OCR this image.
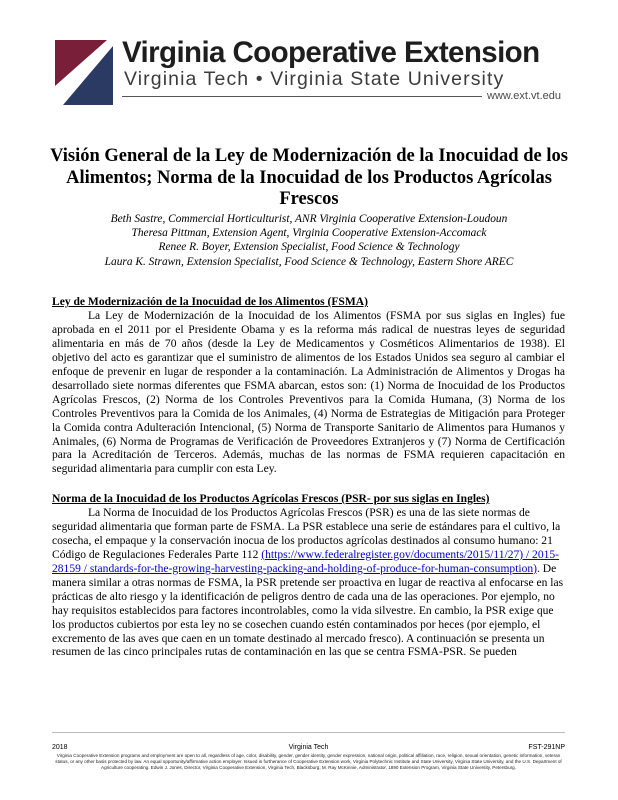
Virginia Cooperative Extension
Virginia Tech • Virginia State University
www.ext.vt.edu
Visión General de la Ley de Modernización de la Inocuidad de los Alimentos; Norma de la Inocuidad de los Productos Agrícolas Frescos
Beth Sastre, Commercial Horticulturist, ANR Virginia Cooperative Extension-Loudoun
Theresa Pittman, Extension Agent, Virginia Cooperative Extension-Accomack
Renee R. Boyer, Extension Specialist, Food Science & Technology
Laura K. Strawn, Extension Specialist, Food Science & Technology, Eastern Shore AREC
Ley de Modernización de la Inocuidad de los Alimentos (FSMA)
La Ley de Modernización de la Inocuidad de los Alimentos (FSMA por sus siglas en Ingles) fue aprobada en el 2011 por el Presidente Obama y es la reforma más radical de nuestras leyes de seguridad alimentaria en más de 70 años (desde la Ley de Medicamentos y Cosméticos Alimentarios de 1938). El objetivo del acto es garantizar que el suministro de alimentos de los Estados Unidos sea seguro al cambiar el enfoque de prevenir en lugar de responder a la contaminación. La Administración de Alimentos y Drogas ha desarrollado siete normas diferentes que FSMA abarcan, estos son: (1) Norma de Inocuidad de los Productos Agrícolas Frescos, (2) Norma de los Controles Preventivos para la Comida Humana, (3) Norma de los Controles Preventivos para la Comida de los Animales, (4) Norma de Estrategias de Mitigación para Proteger la Comida contra Adulteración Intencional, (5) Norma de Transporte Sanitario de Alimentos para Humanos y Animales, (6) Norma de Programas de Verificación de Proveedores Extranjeros y (7) Norma de Certificación para la Acreditación de Terceros. Además, muchas de las normas de FSMA requieren capacitación en seguridad alimentaria para cumplir con esta Ley.
Norma de la Inocuidad de los Productos Agrícolas Frescos (PSR- por sus siglas en Ingles)
La Norma de Inocuidad de los Productos Agrícolas Frescos (PSR) es una de las siete normas de seguridad alimentaria que forman parte de FSMA. La PSR establece una serie de estándares para el cultivo, la cosecha, el empaque y la conservación inocua de los productos agrícolas destinados al consumo humano: 21 Código de Regulaciones Federales Parte 112 (https://www.federalregister.gov/documents/2015/11/27) / 2015-28159 / standards-for-the-growing-harvesting-packing-and-holding-of-produce-for-human-consumption). De manera similar a otras normas de FSMA, la PSR pretende ser proactiva en lugar de reactiva al enfocarse en las prácticas de alto riesgo y la identificación de peligros dentro de cada una de las operaciones. Por ejemplo, no hay requisitos establecidos para factores incontrolables, como la vida silvestre. En cambio, la PSR exige que los productos cubiertos por esta ley no se cosechen cuando estén contaminados por heces (por ejemplo, el excremento de las aves que caen en un tomate destinado al mercado fresco). A continuación se presenta un resumen de las cinco principales rutas de contaminación en las que se centra FSMA-PSR. Se pueden
2018	Virginia Tech	FST-291NP
Virginia Cooperative Extension programs and employment are open to all, regardless of age, color, disability, gender, gender identity, gender expression, national origin, political affiliation, race, religion, sexual orientation, genetic information, veteran status, or any other basis protected by law. An equal opportunity/affirmative action employer. Issued in furtherance of Cooperative Extension work, Virginia Polytechnic Institute and State University, Virginia State University, and the U.S. Department of Agriculture cooperating. Edwin J. Jones, Director, Virginia Cooperative Extension, Virginia Tech, Blacksburg; M. Ray McKinnie, Administrator, 1890 Extension Program, Virginia State University, Petersburg.
